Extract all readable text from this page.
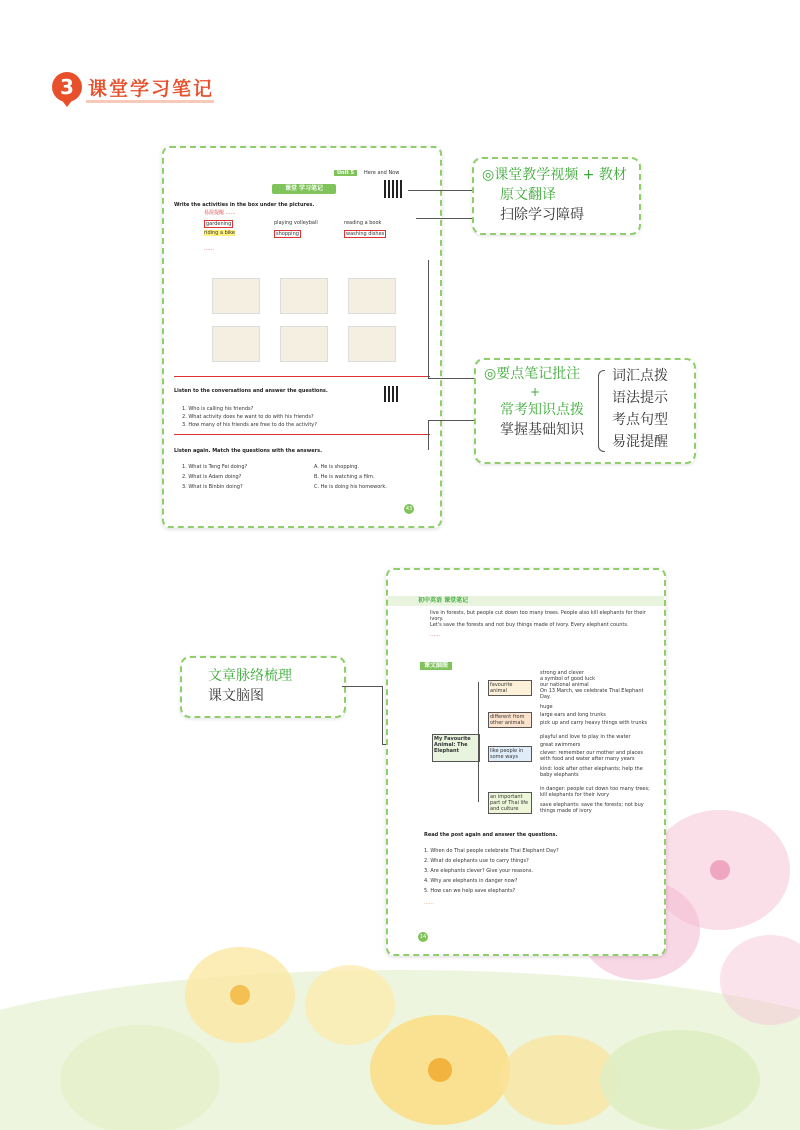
3 课堂学习笔记
Unit 5	Here and Now
课堂 学习笔记
Write the activities in the box under the pictures.
易混提醒 ……
gardening	playing volleyball	reading a book
riding a bike	shopping	washing dishes
……
Listen to the conversations and answer the questions.
1. Who is calling his friends?
2. What activity does he want to do with his friends?
3. How many of his friends are free to do the activity?
Listen again. Match the questions with the answers.
1. What is Teng Fei doing?
2. What is Adam doing?
3. What is Binbin doing?
A. He is shopping.
B. He is watching a film.
C. He is doing his homework.
43
◎课堂教学视频 + 教材
原文翻译
扫除学习障碍
◎要点笔记批注
+
常考知识点拨
掌握基础知识
词汇点拨
语法提示
考点句型
易混提醒
文章脉络梳理
课文脑图
初中英语 课堂笔记
live in forests, but people cut down too many trees. People also kill elephants for their ivory.
Let's save the forests and not buy things made of ivory. Every elephant counts.
……
课文脑图
My Favourite Animal: The Elephant
favourite animal
different from other animals
like people in some ways
an important part of Thai life and culture
strong and clever
a symbol of good luck
our national animal
On 13 March, we celebrate Thai Elephant Day.
huge
large ears and long trunks
pick up and carry heavy things with trunks
playful and love to play in the water
great swimmers
clever: remember our mother and places with food and water after many years
kind: look after other elephants; help the baby elephants
in danger: people cut down too many trees; kill elephants for their ivory
save elephants: save the forests; not buy things made of ivory
Read the post again and answer the questions.
1. When do Thai people celebrate Thai Elephant Day?
2. What do elephants use to carry things?
3. Are elephants clever? Give your reasons.
4. Why are elephants in danger now?
5. How can we help save elephants?
……
14
